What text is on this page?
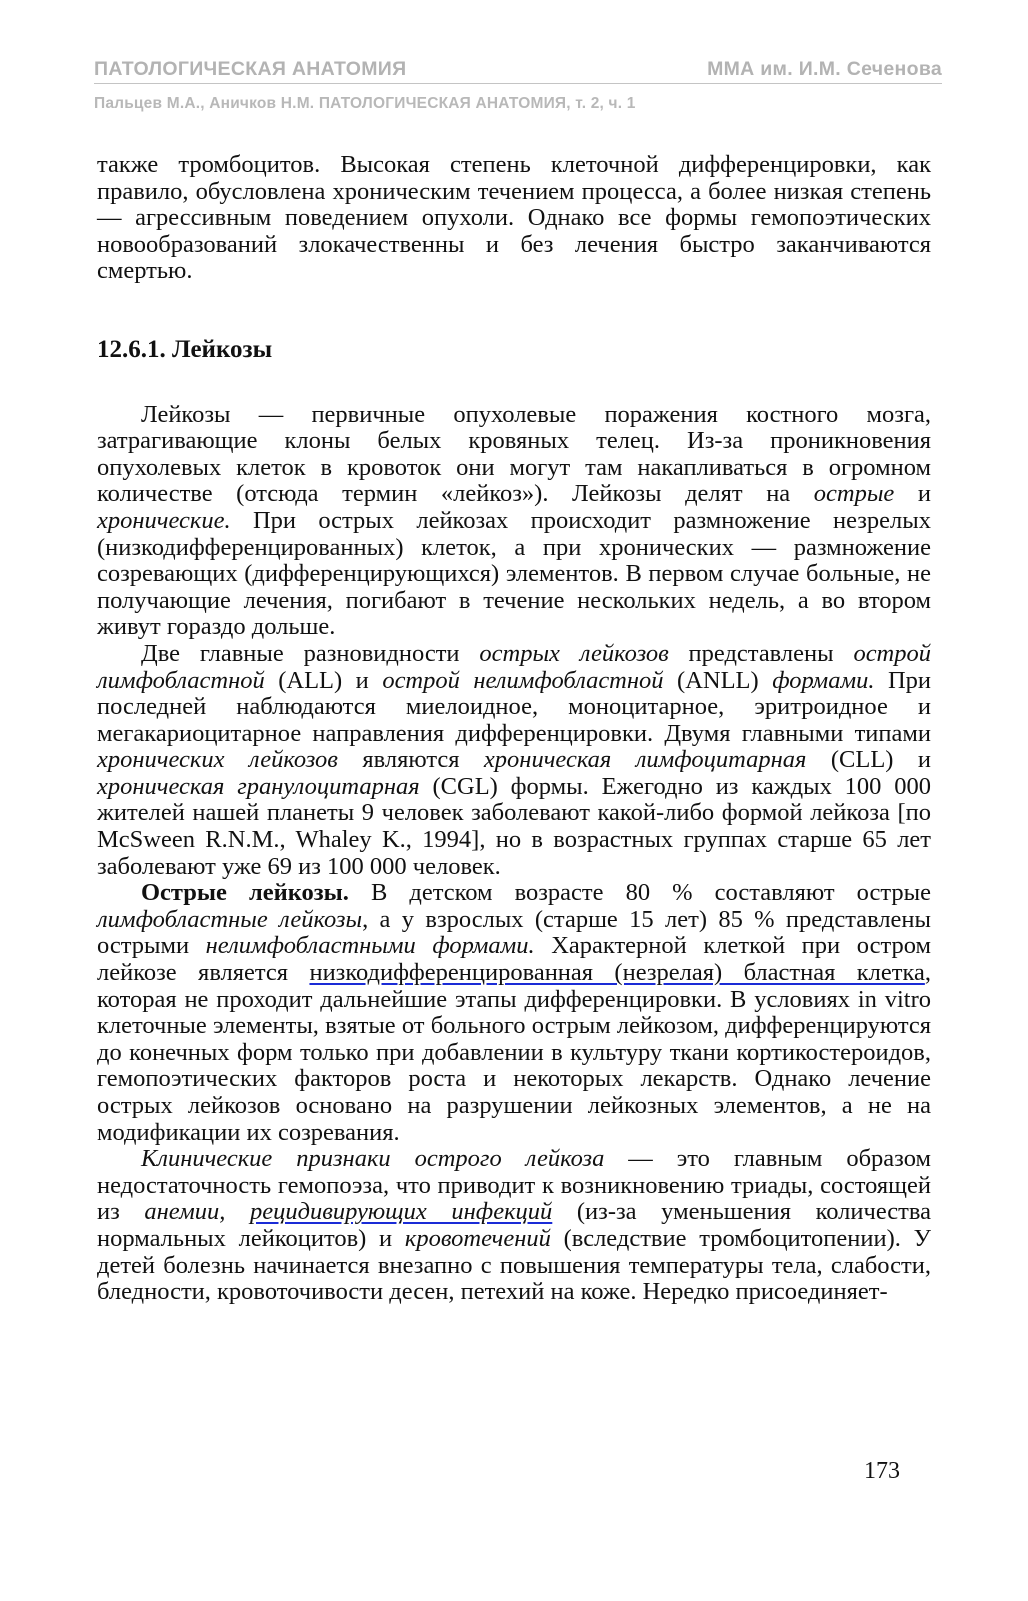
ПАТОЛОГИЧЕСКАЯ АНАТОМИЯ	ММА им. И.М. Сеченова
Пальцев М.А., Аничков Н.М. ПАТОЛОГИЧЕСКАЯ АНАТОМИЯ, т. 2, ч. 1

также тромбоцитов. Высокая степень клеточной дифференцировки, как правило, обусловлена хроническим течением процесса, а более низкая степень — агрессивным поведением опухоли. Однако все формы гемопоэтических новообразований злокачественны и без лечения быстро заканчиваются смертью.

12.6.1. Лейкозы

Лейкозы — первичные опухолевые поражения костного мозга, затрагивающие клоны белых кровяных телец. Из-за проникновения опухолевых клеток в кровоток они могут там накапливаться в огромном количестве (отсюда термин «лейкоз»). Лейкозы делят на острые и хронические. При острых лейкозах происходит размножение незрелых (низкодифференцированных) клеток, а при хронических — размножение созревающих (дифференцирующихся) элементов. В первом случае больные, не получающие лечения, погибают в течение нескольких недель, а во втором живут гораздо дольше.

Две главные разновидности острых лейкозов представлены острой лимфобластной (ALL) и острой нелимфобластной (ANLL) формами. При последней наблюдаются миелоидное, моноцитарное, эритроидное и мегакариоцитарное направления дифференцировки. Двумя главными типами хронических лейкозов являются хроническая лимфоцитарная (CLL) и хроническая гранулоцитарная (CGL) формы. Ежегодно из каждых 100 000 жителей нашей планеты 9 человек заболевают какой-либо формой лейкоза [по McSween R.N.M., Whaley K., 1994], но в возрастных группах старше 65 лет заболевают уже 69 из 100 000 человек.

Острые лейкозы. В детском возрасте 80 % составляют острые лимфобластные лейкозы, а у взрослых (старше 15 лет) 85 % представлены острыми нелимфобластными формами. Характерной клеткой при остром лейкозе является низкодифференцированная (незрелая) бластная клетка, которая не проходит дальнейшие этапы дифференцировки. В условиях in vitro клеточные элементы, взятые от больного острым лейкозом, дифференцируются до конечных форм только при добавлении в культуру ткани кортикостероидов, гемопоэтических факторов роста и некоторых лекарств. Однако лечение острых лейкозов основано на разрушении лейкозных элементов, а не на модификации их созревания.

Клинические признаки острого лейкоза — это главным образом недостаточность гемопоэза, что приводит к возникновению триады, состоящей из анемии, рецидивирующих инфекций (из-за уменьшения количества нормальных лейкоцитов) и кровотечений (вследствие тромбоцитопении). У детей болезнь начинается внезапно с повышения температуры тела, слабости, бледности, кровоточивости десен, петехий на коже. Нередко присоединяет-

173
